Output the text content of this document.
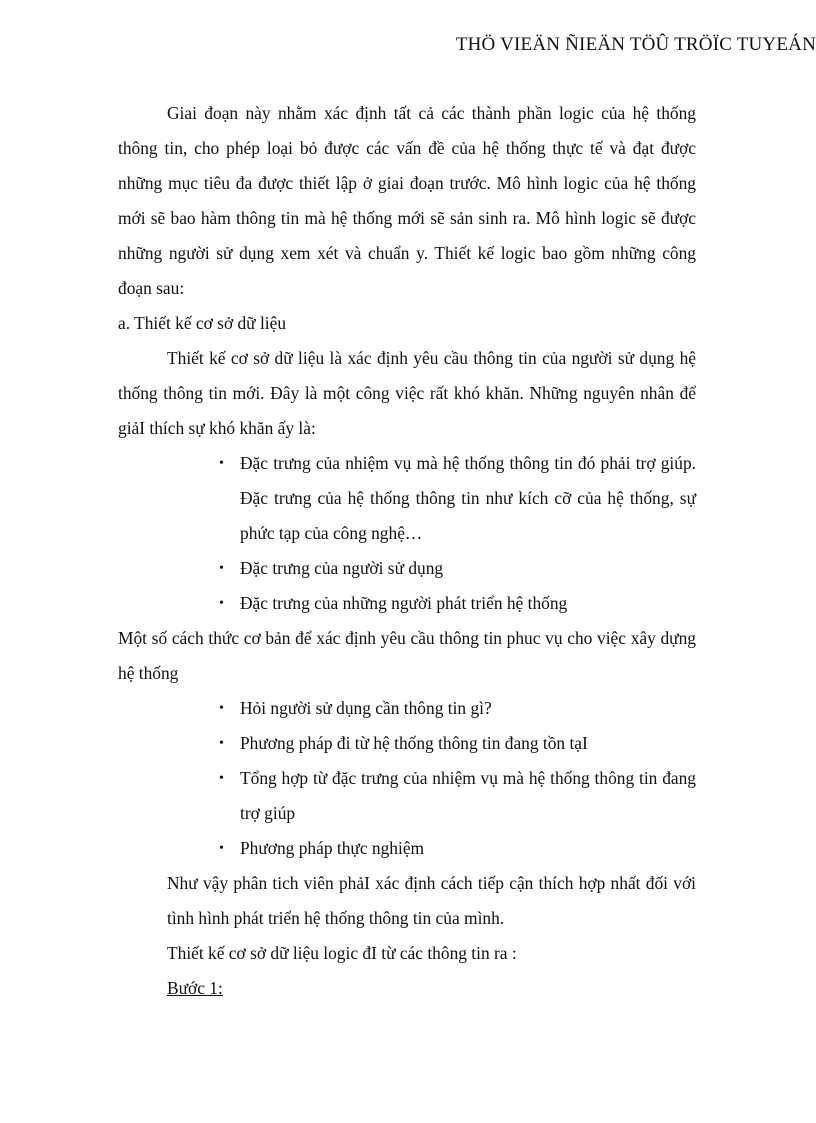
THÖ VIEÄN ÑIEÄN TÖÛ TRÖÏC TUYEÁN

Giai đoạn này nhằm xác định tất cả các thành phần logic của hệ thống thông tin, cho phép loại bỏ được các vấn đề của hệ thống thực tế và đạt được những mục tiêu đa được thiết lập ở giai đoạn trước. Mô hình logic của hệ thống mới sẽ bao hàm thông tin mà hệ thống mới sẽ sản sinh ra. Mô hình logic sẽ được những người sử dụng xem xét và chuẩn y. Thiết kế logic bao gồm những công đoạn sau:

a. Thiết kế cơ sở dữ liệu

Thiết kế cơ sở dữ liệu là xác định yêu cầu thông tin của người sử dụng hệ thống thông tin mới. Đây là một công việc rất khó khăn. Những nguyên nhân để giảI thích sự khó khăn ấy là:

• Đặc trưng của nhiệm vụ mà hệ thống thông tin đó phải trợ giúp. Đặc trưng của hệ thống thông tin như kích cỡ của hệ thống, sự phức tạp của công nghệ…
• Đặc trưng của người sử dụng
• Đặc trưng của những người phát triển hệ thống

Một số cách thức cơ bản để xác định yêu cầu thông tin phuc vụ cho việc xây dựng hệ thống

• Hỏi người sử dụng cần thông tin gì?
• Phương pháp đi từ hệ thống thông tin đang tồn tạI
• Tổng hợp từ đặc trưng của nhiệm vụ mà hệ thống thông tin đang trợ giúp
• Phương pháp thực nghiệm

Như vậy phân tich viên phảI xác định cách tiếp cận thích hợp nhất đối với tình hình phát triển hệ thống thông tin của mình.

Thiết kế cơ sở dữ liệu logic đI từ các thông tin ra :

Bước 1:
